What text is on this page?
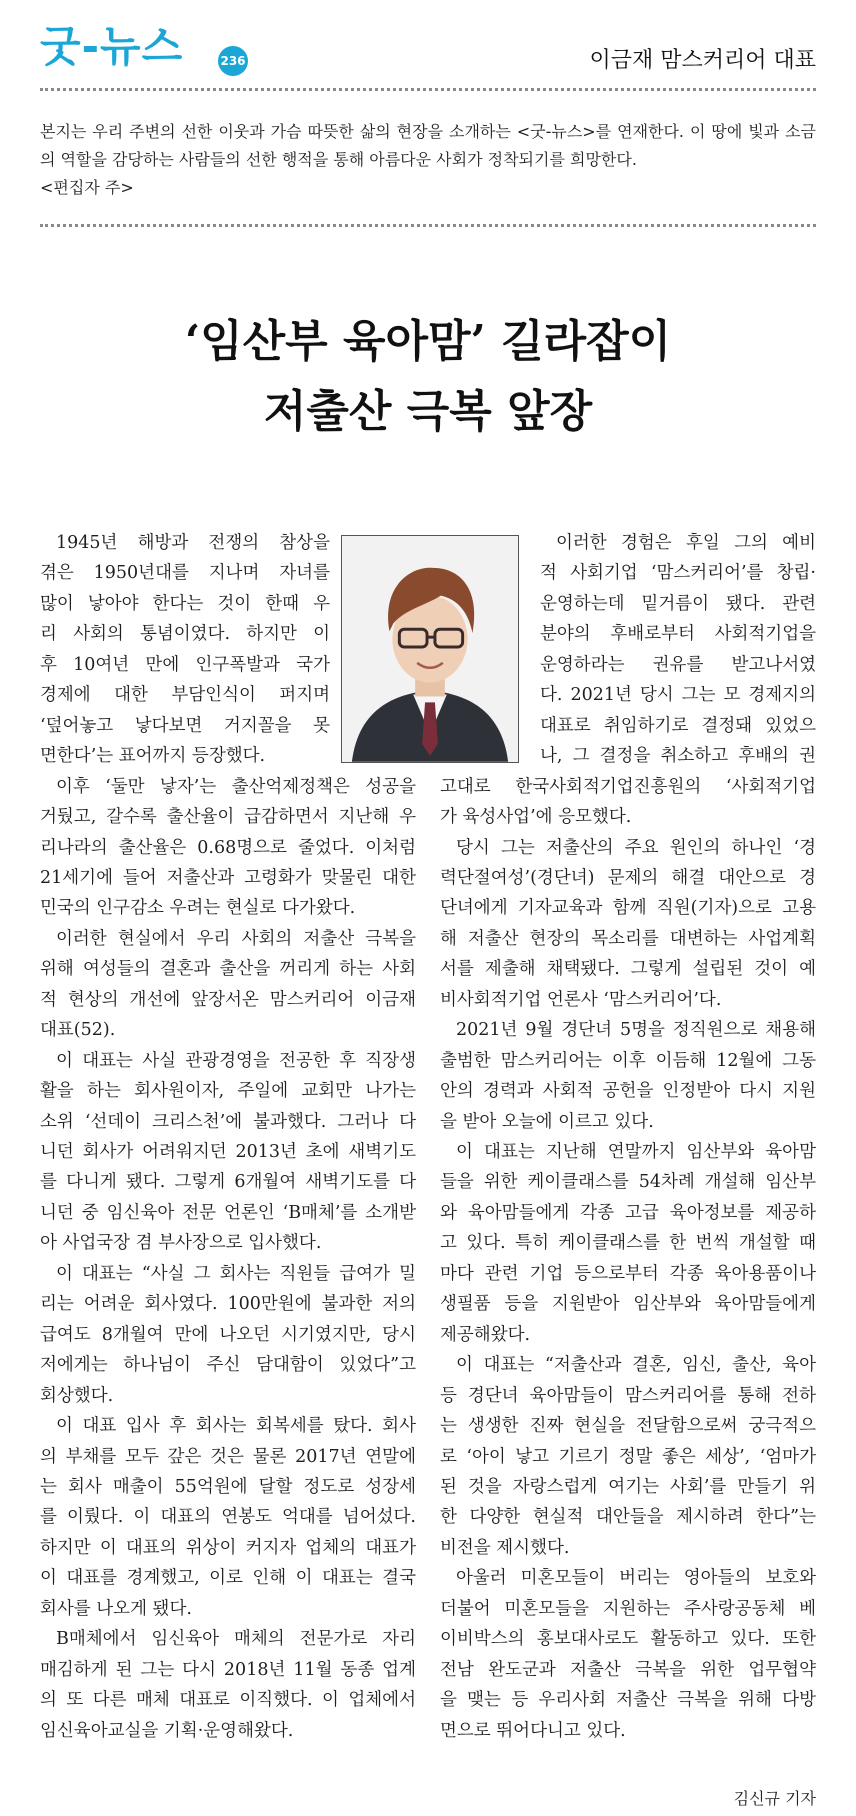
굿-뉴스	236	이금재 맘스커리어 대표
본지는 우리 주변의 선한 이웃과 가슴 따뜻한 삶의 현장을 소개하는 <굿-뉴스>를 연재한다. 이 땅에 빛과 소금의 역할을 감당하는 사람들의 선한 행적을 통해 아름다운 사회가 정착되기를 희망한다.
<편집자 주>
‘임산부 육아맘’ 길라잡이
저출산 극복 앞장
1945년 해방과 전쟁의 참상을
겪은 1950년대를 지나며 자녀를
많이 낳아야 한다는 것이 한때 우
리 사회의 통념이였다. 하지만 이
후 10여년 만에 인구폭발과 국가
경제에 대한 부담인식이 퍼지며
‘덮어놓고 낳다보면 거지꼴을 못
면한다’는 표어까지 등장했다.
이후 ‘둘만 낳자’는 출산억제정책은 성공을
거뒀고, 갈수록 출산율이 급감하면서 지난해 우
리나라의 출산율은 0.68명으로 줄었다. 이처럼
21세기에 들어 저출산과 고령화가 맞물린 대한
민국의 인구감소 우려는 현실로 다가왔다.
이러한 현실에서 우리 사회의 저출산 극복을
위해 여성들의 결혼과 출산을 꺼리게 하는 사회
적 현상의 개선에 앞장서온 맘스커리어 이금재
대표(52).
이 대표는 사실 관광경영을 전공한 후 직장생
활을 하는 회사원이자, 주일에 교회만 나가는
소위 ‘선데이 크리스천’에 불과했다. 그러나 다
니던 회사가 어려워지던 2013년 초에 새벽기도
를 다니게 됐다. 그렇게 6개월여 새벽기도를 다
니던 중 임신육아 전문 언론인 ‘B매체’를 소개받
아 사업국장 겸 부사장으로 입사했다.
이 대표는 “사실 그 회사는 직원들 급여가 밀
리는 어려운 회사였다. 100만원에 불과한 저의
급여도 8개월여 만에 나오던 시기였지만, 당시
저에게는 하나님이 주신 담대함이 있었다”고
회상했다.
이 대표 입사 후 회사는 회복세를 탔다. 회사
의 부채를 모두 갚은 것은 물론 2017년 연말에
는 회사 매출이 55억원에 달할 정도로 성장세
를 이뤘다. 이 대표의 연봉도 억대를 넘어섰다.
하지만 이 대표의 위상이 커지자 업체의 대표가
이 대표를 경계했고, 이로 인해 이 대표는 결국
회사를 나오게 됐다.
B매체에서 임신육아 매체의 전문가로 자리
매김하게 된 그는 다시 2018년 11월 동종 업계
의 또 다른 매체 대표로 이직했다. 이 업체에서
임신육아교실을 기획·운영해왔다.
이러한 경험은 후일 그의 예비
적 사회기업 ‘맘스커리어’를 창립·
운영하는데 밑거름이 됐다. 관련
분야의 후배로부터 사회적기업을
운영하라는 권유를 받고나서였
다. 2021년 당시 그는 모 경제지의
대표로 취임하기로 결정돼 있었으
나, 그 결정을 취소하고 후배의 권
고대로 한국사회적기업진흥원의 ‘사회적기업
가 육성사업’에 응모했다.
당시 그는 저출산의 주요 원인의 하나인 ‘경
력단절여성’(경단녀) 문제의 해결 대안으로 경
단녀에게 기자교육과 함께 직원(기자)으로 고용
해 저출산 현장의 목소리를 대변하는 사업계획
서를 제출해 채택됐다. 그렇게 설립된 것이 예
비사회적기업 언론사 ‘맘스커리어’다.
2021년 9월 경단녀 5명을 정직원으로 채용해
출범한 맘스커리어는 이후 이듬해 12월에 그동
안의 경력과 사회적 공헌을 인정받아 다시 지원
을 받아 오늘에 이르고 있다.
이 대표는 지난해 연말까지 임산부와 육아맘
들을 위한 케이클래스를 54차례 개설해 임산부
와 육아맘들에게 각종 고급 육아정보를 제공하
고 있다. 특히 케이클래스를 한 번씩 개설할 때
마다 관련 기업 등으로부터 각종 육아용품이나
생필품 등을 지원받아 임산부와 육아맘들에게
제공해왔다.
이 대표는 “저출산과 결혼, 임신, 출산, 육아
등 경단녀 육아맘들이 맘스커리어를 통해 전하
는 생생한 진짜 현실을 전달함으로써 궁극적으
로 ‘아이 낳고 기르기 정말 좋은 세상’, ‘엄마가
된 것을 자랑스럽게 여기는 사회’를 만들기 위
한 다양한 현실적 대안들을 제시하려 한다”는
비전을 제시했다.
아울러 미혼모들이 버리는 영아들의 보호와
더불어 미혼모들을 지원하는 주사랑공동체 베
이비박스의 홍보대사로도 활동하고 있다. 또한
전남 완도군과 저출산 극복을 위한 업무협약
을 맺는 등 우리사회 저출산 극복을 위해 다방
면으로 뛰어다니고 있다.
김신규 기자
